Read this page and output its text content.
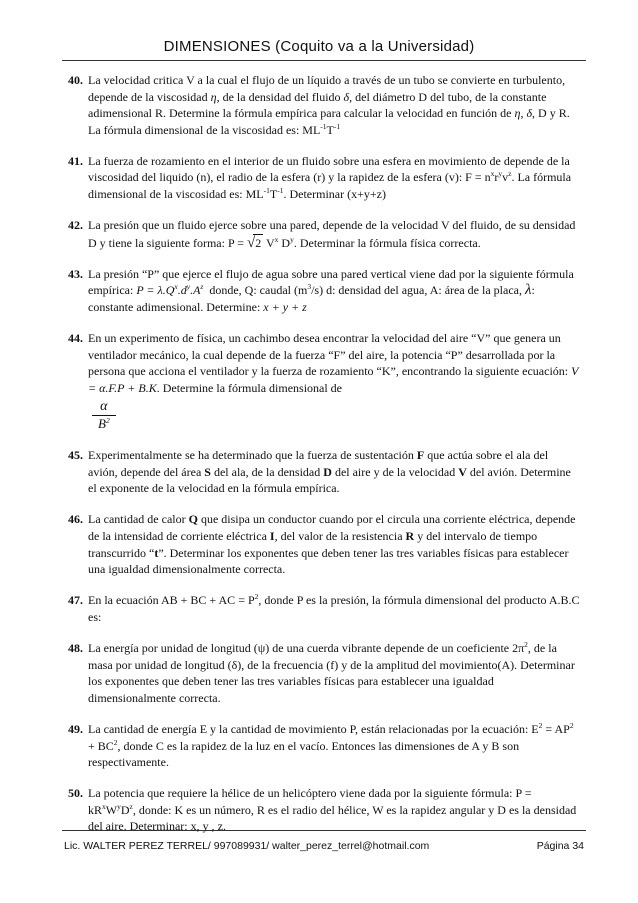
DIMENSIONES (Coquito va a la Universidad)

40. La velocidad critica V a la cual el flujo de un líquido a través de un tubo se convierte en turbulento, depende de la viscosidad η, de la densidad del fluido δ, del diámetro D del tubo, de la constante adimensional R. Determine la fórmula empírica para calcular la velocidad en función de η, δ, D y R. La fórmula dimensional de la viscosidad es: $ML^{-1}T^{-1}$

41. La fuerza de rozamiento en el interior de un fluido sobre una esfera en movimiento de depende de la viscosidad del liquido (n), el radio de la esfera (r) y la rapidez de la esfera (v): $F = n^xr^yv^z$. La fórmula dimensional de la viscosidad es: $ML^{-1}T^{-1}$. Determinar (x+y+z)

42. La presión que un fluido ejerce sobre una pared, depende de la velocidad V del fluido, de su densidad D y tiene la siguiente forma: P = √2 $V^x$ $D^y$. Determinar la fórmula física correcta.

43. La presión “P” que ejerce el flujo de agua sobre una pared vertical viene dad por la siguiente fórmula empírica: $P = \lambda.Q^x.d^y.A^z$ donde, Q: caudal $(m^3/s)$ d: densidad del agua, A: área de la placa, λ: constante adimensional. Determine: x + y + z

44. En un experimento de física, un cachimbo desea encontrar la velocidad del aire “V” que genera un ventilador mecánico, la cual depende de la fuerza “F” del aire, la potencia “P” desarrollada por la persona que acciona el ventilador y la fuerza de rozamiento “K”, encontrando la siguiente ecuación: V = α.F.P + B.K. Determine la fórmula dimensional de

$\frac{\alpha}{B^2}$

45. Experimentalmente se ha determinado que la fuerza de sustentación F que actúa sobre el ala del avión, depende del área S del ala, de la densidad D del aire y de la velocidad V del avión. Determine el exponente de la velocidad en la fórmula empírica.

46. La cantidad de calor Q que disipa un conductor cuando por el circula una corriente eléctrica, depende de la intensidad de corriente eléctrica I, del valor de la resistencia R y del intervalo de tiempo transcurrido “t”. Determinar los exponentes que deben tener las tres variables físicas para establecer una igualdad dimensionalmente correcta.

47. En la ecuación AB + BC + AC = $P^2$, donde P es la presión, la fórmula dimensional del producto A.B.C es:

48. La energía por unidad de longitud (ψ) de una cuerda vibrante depende de un coeficiente $2\pi^2$, de la masa por unidad de longitud (δ), de la frecuencia (f) y de la amplitud del movimiento(A). Determinar los exponentes que deben tener las tres variables físicas para establecer una igualdad dimensionalmente correcta.

49. La cantidad de energía E y la cantidad de movimiento P, están relacionadas por la ecuación: $E^2 = AP^2 + BC^2$, donde C es la rapidez de la luz en el vacío. Entonces las dimensiones de A y B son respectivamente.

50. La potencia que requiere la hélice de un helicóptero viene dada por la siguiente fórmula: $P = kR^xW^yD^z$, donde: K es un número, R es el radio del hélice, W es la rapidez angular y D es la densidad del aire. Determinar: x, y , z.

Lic. WALTER PEREZ TERREL/ 997089931/ walter_perez_terrel@hotmail.com	Página 34
